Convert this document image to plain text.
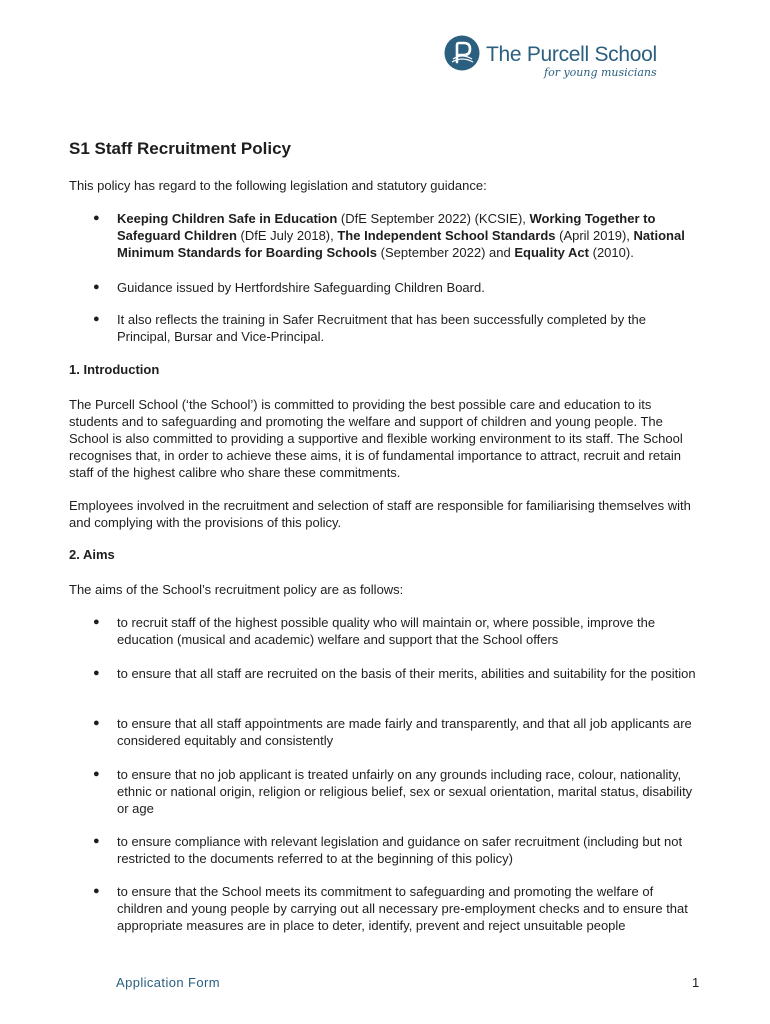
The Purcell School
for young musicians
S1 Staff Recruitment Policy

This policy has regard to the following legislation and statutory guidance:

● Keeping Children Safe in Education (DfE September 2022) (KCSIE), Working Together to Safeguard Children (DfE July 2018), The Independent School Standards (April 2019), National Minimum Standards for Boarding Schools (September 2022) and Equality Act (2010).

● Guidance issued by Hertfordshire Safeguarding Children Board.

● It also reflects the training in Safer Recruitment that has been successfully completed by the Principal, Bursar and Vice-Principal.

1. Introduction

The Purcell School (‘the School’) is committed to providing the best possible care and education to its students and to safeguarding and promoting the welfare and support of children and young people. The School is also committed to providing a supportive and flexible working environment to its staff. The School recognises that, in order to achieve these aims, it is of fundamental importance to attract, recruit and retain staff of the highest calibre who share these commitments.

Employees involved in the recruitment and selection of staff are responsible for familiarising themselves with and complying with the provisions of this policy.

2. Aims

The aims of the School’s recruitment policy are as follows:

● to recruit staff of the highest possible quality who will maintain or, where possible, improve the education (musical and academic) welfare and support that the School offers

● to ensure that all staff are recruited on the basis of their merits, abilities and suitability for the position

● to ensure that all staff appointments are made fairly and transparently, and that all job applicants are considered equitably and consistently

● to ensure that no job applicant is treated unfairly on any grounds including race, colour, nationality, ethnic or national origin, religion or religious belief, sex or sexual orientation, marital status, disability or age

● to ensure compliance with relevant legislation and guidance on safer recruitment (including but not restricted to the documents referred to at the beginning of this policy)

● to ensure that the School meets its commitment to safeguarding and promoting the welfare of children and young people by carrying out all necessary pre-employment checks and to ensure that appropriate measures are in place to deter, identify, prevent and reject unsuitable people

Application Form	1
